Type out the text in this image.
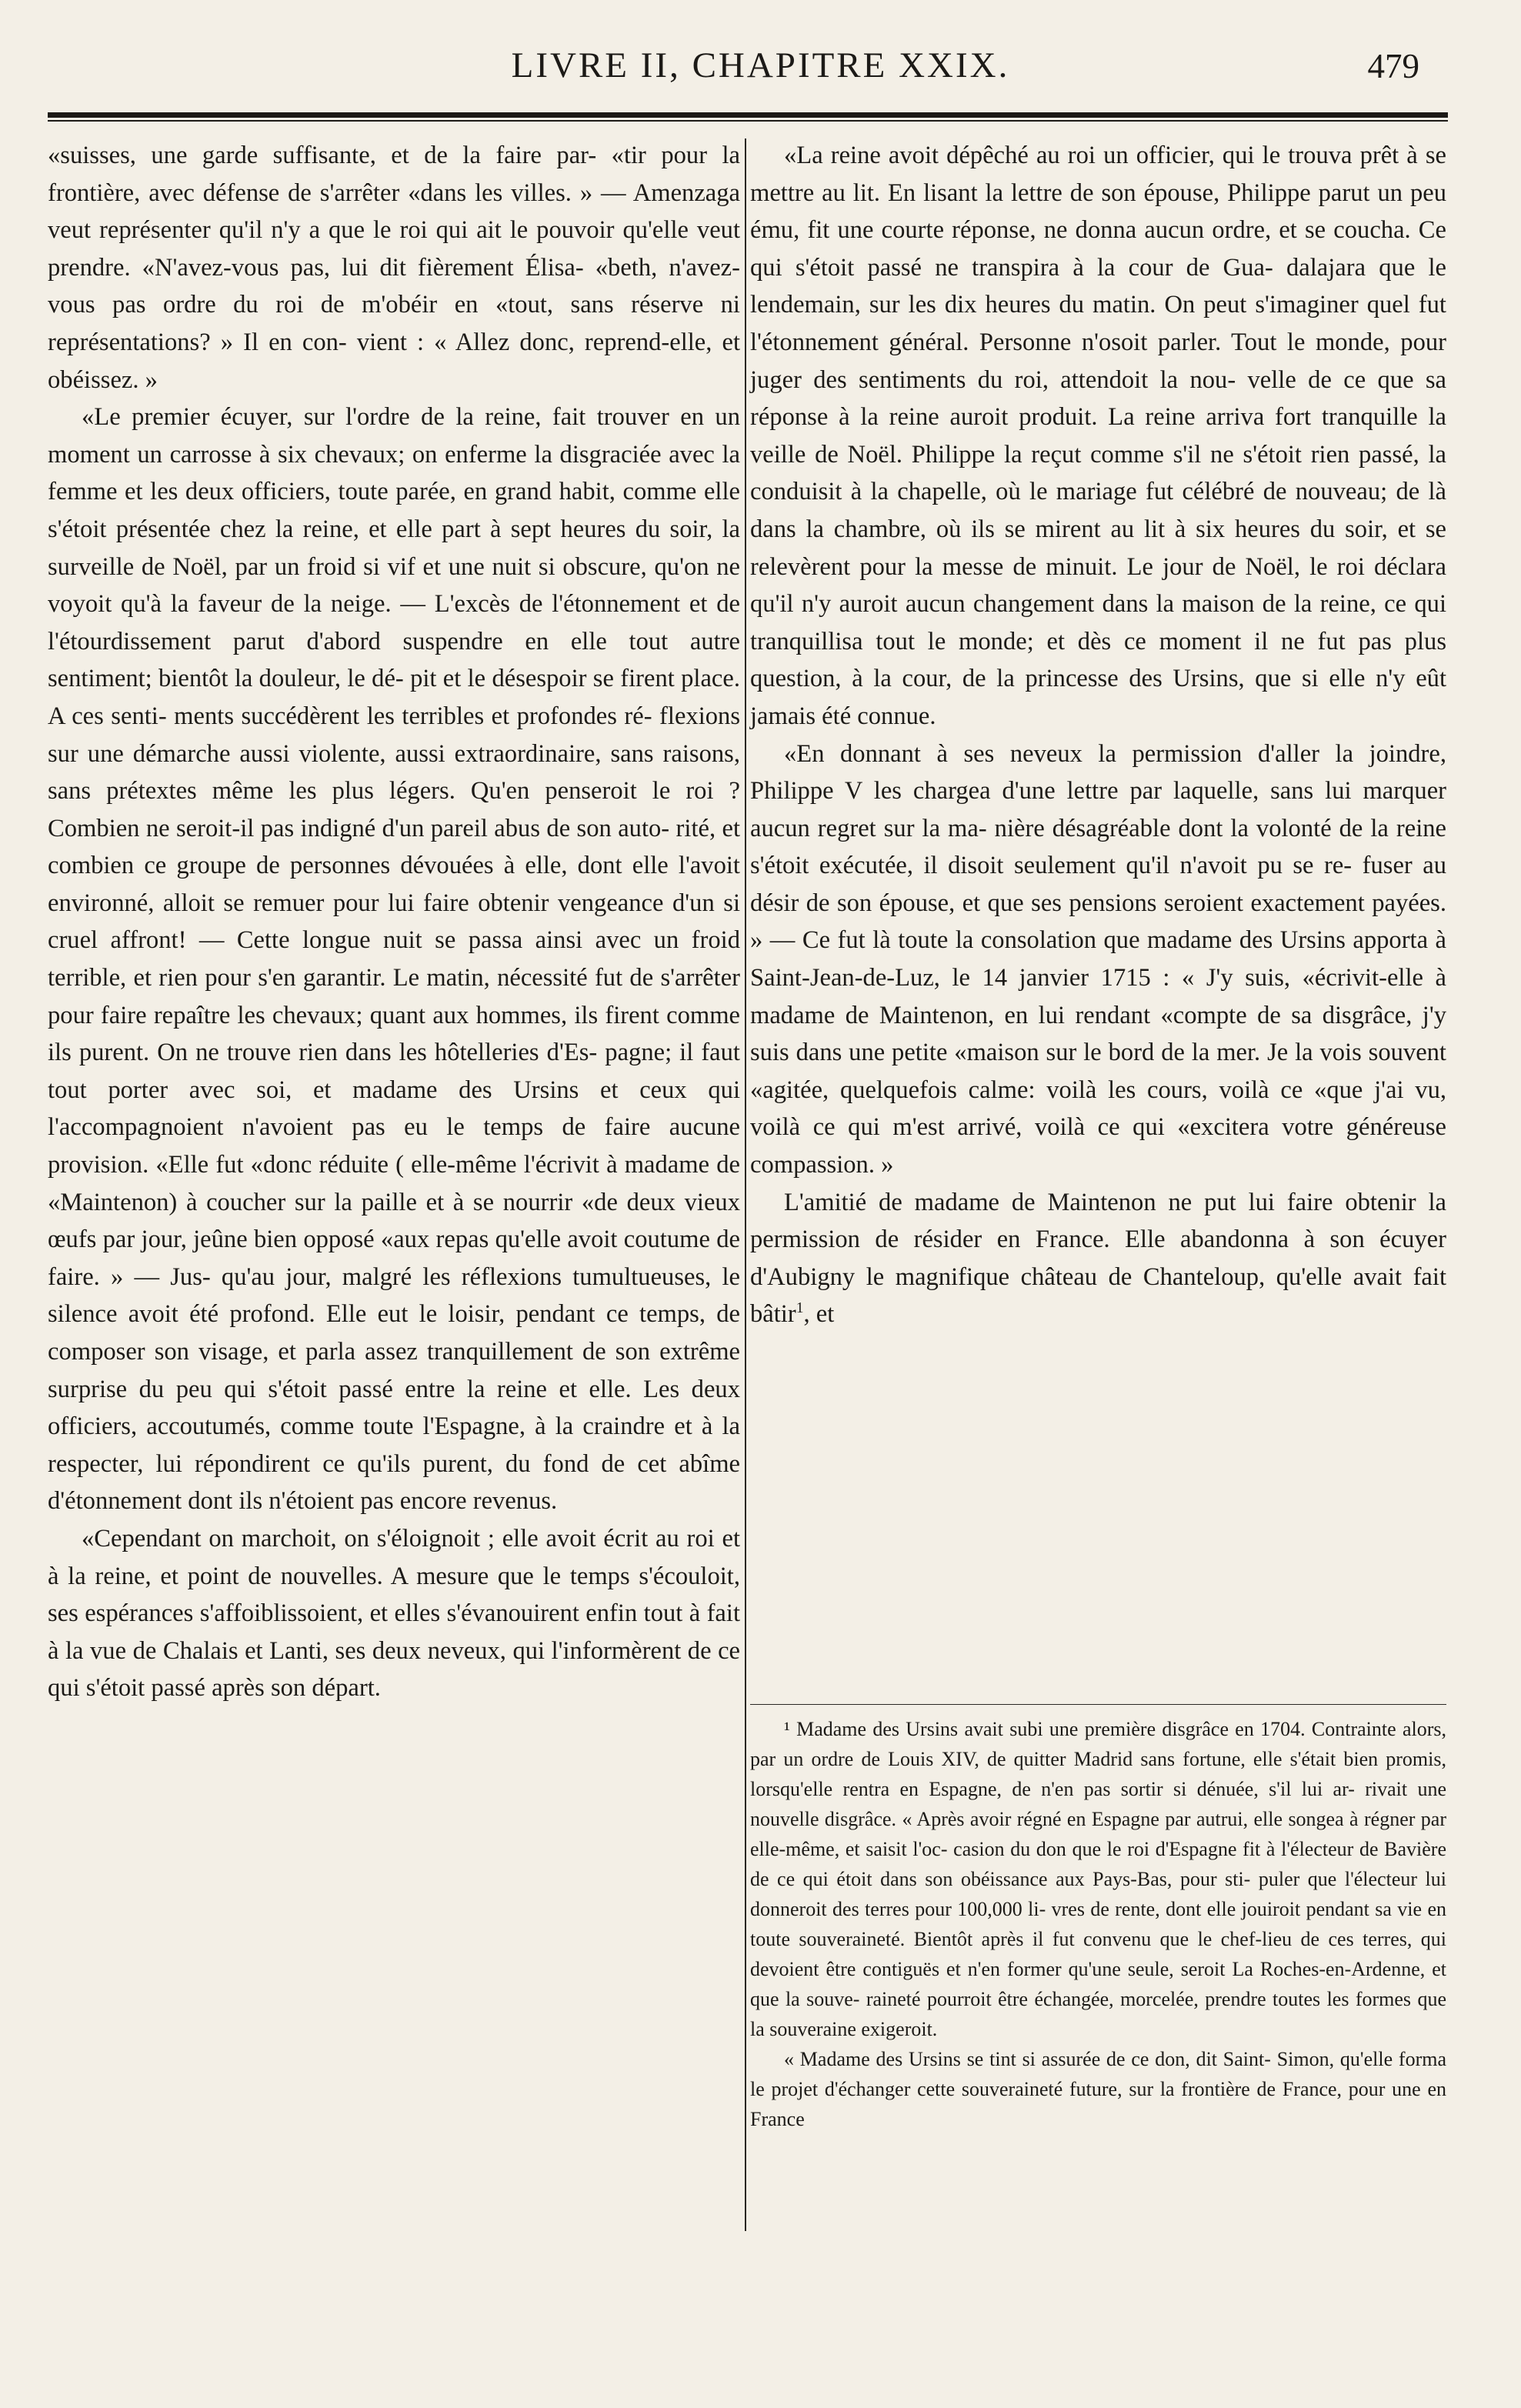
LIVRE II, CHAPITRE XXIX.	479

«suisses, une garde suffisante, et de la faire par- «tir pour la frontière, avec défense de s'arrêter «dans les villes. » — Amenzaga veut représenter qu'il n'y a que le roi qui ait le pouvoir qu'elle veut prendre. «N'avez-vous pas, lui dit fièrement Élisa- «beth, n'avez-vous pas ordre du roi de m'obéir en «tout, sans réserve ni représentations? » Il en con- vient : « Allez donc, reprend-elle, et obéissez. »

«Le premier écuyer, sur l'ordre de la reine, fait trouver en un moment un carrosse à six chevaux; on enferme la disgraciée avec la femme et les deux officiers, toute parée, en grand habit, comme elle s'étoit présentée chez la reine, et elle part à sept heures du soir, la surveille de Noël, par un froid si vif et une nuit si obscure, qu'on ne voyoit qu'à la faveur de la neige. — L'excès de l'étonnement et de l'étourdissement parut d'abord suspendre en elle tout autre sentiment; bientôt la douleur, le dé- pit et le désespoir se firent place. A ces senti- ments succédèrent les terribles et profondes ré- flexions sur une démarche aussi violente, aussi extraordinaire, sans raisons, sans prétextes même les plus légers. Qu'en penseroit le roi ? Combien ne seroit-il pas indigné d'un pareil abus de son auto- rité, et combien ce groupe de personnes dévouées à elle, dont elle l'avoit environné, alloit se remuer pour lui faire obtenir vengeance d'un si cruel affront! — Cette longue nuit se passa ainsi avec un froid terrible, et rien pour s'en garantir. Le matin, nécessité fut de s'arrêter pour faire repaître les chevaux; quant aux hommes, ils firent comme ils purent. On ne trouve rien dans les hôtelleries d'Es- pagne; il faut tout porter avec soi, et madame des Ursins et ceux qui l'accompagnoient n'avoient pas eu le temps de faire aucune provision. «Elle fut «donc réduite ( elle-même l'écrivit à madame de «Maintenon) à coucher sur la paille et à se nourrir «de deux vieux œufs par jour, jeûne bien opposé «aux repas qu'elle avoit coutume de faire. » — Jus- qu'au jour, malgré les réflexions tumultueuses, le silence avoit été profond. Elle eut le loisir, pendant ce temps, de composer son visage, et parla assez tranquillement de son extrême surprise du peu qui s'étoit passé entre la reine et elle. Les deux officiers, accoutumés, comme toute l'Espagne, à la craindre et à la respecter, lui répondirent ce qu'ils purent, du fond de cet abîme d'étonnement dont ils n'étoient pas encore revenus.

«Cependant on marchoit, on s'éloignoit ; elle avoit écrit au roi et à la reine, et point de nouvelles. A mesure que le temps s'écouloit, ses espérances s'affoiblissoient, et elles s'évanouirent enfin tout à fait à la vue de Chalais et Lanti, ses deux neveux, qui l'informèrent de ce qui s'étoit passé après son départ.

«La reine avoit dépêché au roi un officier, qui le trouva prêt à se mettre au lit. En lisant la lettre de son épouse, Philippe parut un peu ému, fit une courte réponse, ne donna aucun ordre, et se coucha. Ce qui s'étoit passé ne transpira à la cour de Gua- dalajara que le lendemain, sur les dix heures du matin. On peut s'imaginer quel fut l'étonnement général. Personne n'osoit parler. Tout le monde, pour juger des sentiments du roi, attendoit la nou- velle de ce que sa réponse à la reine auroit produit. La reine arriva fort tranquille la veille de Noël. Philippe la reçut comme s'il ne s'étoit rien passé, la conduisit à la chapelle, où le mariage fut célébré de nouveau; de là dans la chambre, où ils se mirent au lit à six heures du soir, et se relevèrent pour la messe de minuit. Le jour de Noël, le roi déclara qu'il n'y auroit aucun changement dans la maison de la reine, ce qui tranquillisa tout le monde; et dès ce moment il ne fut pas plus question, à la cour, de la princesse des Ursins, que si elle n'y eût jamais été connue.

«En donnant à ses neveux la permission d'aller la joindre, Philippe V les chargea d'une lettre par laquelle, sans lui marquer aucun regret sur la ma- nière désagréable dont la volonté de la reine s'étoit exécutée, il disoit seulement qu'il n'avoit pu se re- fuser au désir de son épouse, et que ses pensions seroient exactement payées. » — Ce fut là toute la consolation que madame des Ursins apporta à Saint-Jean-de-Luz, le 14 janvier 1715 : « J'y suis, «écrivit-elle à madame de Maintenon, en lui rendant «compte de sa disgrâce, j'y suis dans une petite «maison sur le bord de la mer. Je la vois souvent «agitée, quelquefois calme: voilà les cours, voilà ce «que j'ai vu, voilà ce qui m'est arrivé, voilà ce qui «excitera votre généreuse compassion. »

L'amitié de madame de Maintenon ne put lui faire obtenir la permission de résider en France. Elle abandonna à son écuyer d'Aubigny le magnifique château de Chanteloup, qu'elle avait fait bâtir$^1$, et

¹ Madame des Ursins avait subi une première disgrâce en 1704. Contrainte alors, par un ordre de Louis XIV, de quitter Madrid sans fortune, elle s'était bien promis, lorsqu'elle rentra en Espagne, de n'en pas sortir si dénuée, s'il lui ar- rivait une nouvelle disgrâce. « Après avoir régné en Espagne par autrui, elle songea à régner par elle-même, et saisit l'oc- casion du don que le roi d'Espagne fit à l'électeur de Bavière de ce qui étoit dans son obéissance aux Pays-Bas, pour sti- puler que l'électeur lui donneroit des terres pour 100,000 li- vres de rente, dont elle jouiroit pendant sa vie en toute souveraineté. Bientôt après il fut convenu que le chef-lieu de ces terres, qui devoient être contiguës et n'en former qu'une seule, seroit La Roches-en-Ardenne, et que la souve- raineté pourroit être échangée, morcelée, prendre toutes les formes que la souveraine exigeroit.

« Madame des Ursins se tint si assurée de ce don, dit Saint- Simon, qu'elle forma le projet d'échanger cette souveraineté future, sur la frontière de France, pour une en France
